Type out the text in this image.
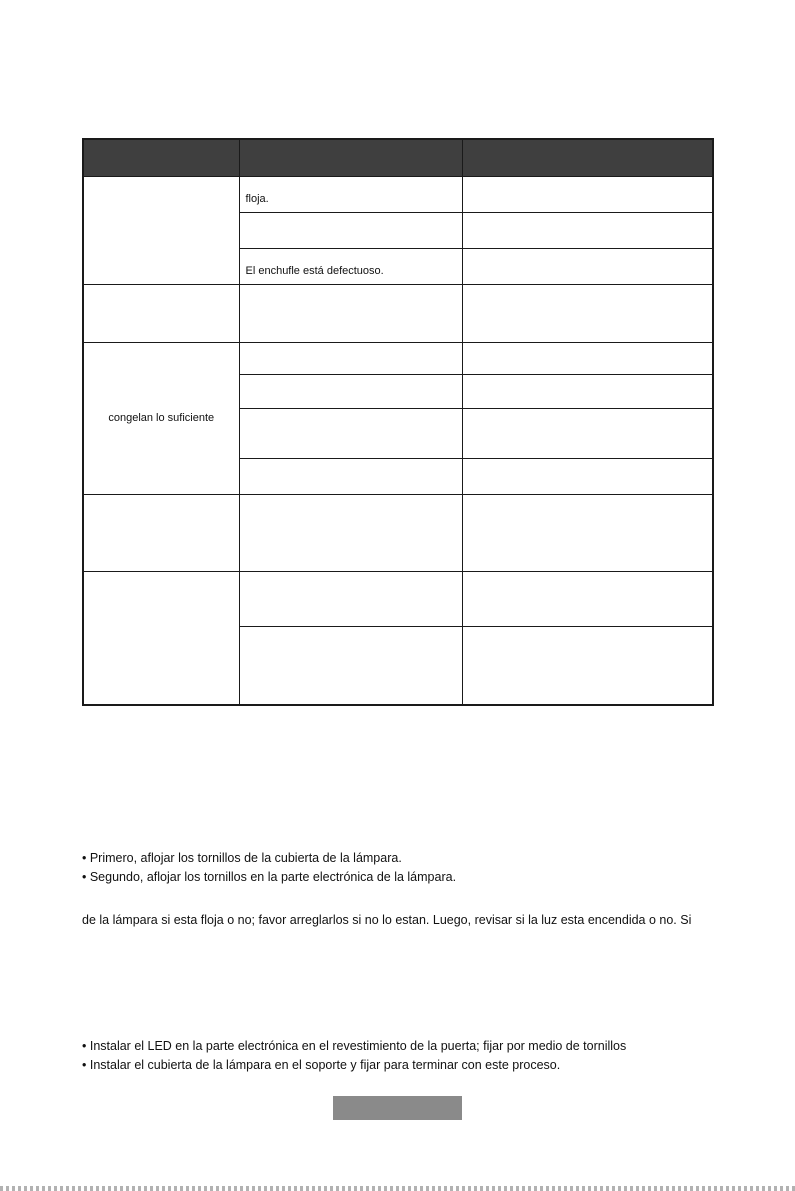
	floja.	

	El enchufle está defectuoso.	

congelan lo suficiente		

• Primero, aflojar los tornillos de la cubierta de la lámpara.

• Segundo, aflojar los tornillos en la parte electrónica de la lámpara.

de la lámpara si esta floja o no; favor arreglarlos si no lo estan. Luego, revisar si la luz esta encendida o no. Si

• Instalar el LED en la parte electrónica en el revestimiento de la puerta; fijar por medio de tornillos

• Instalar el cubierta de la lámpara en el soporte y fijar para terminar con este proceso.
